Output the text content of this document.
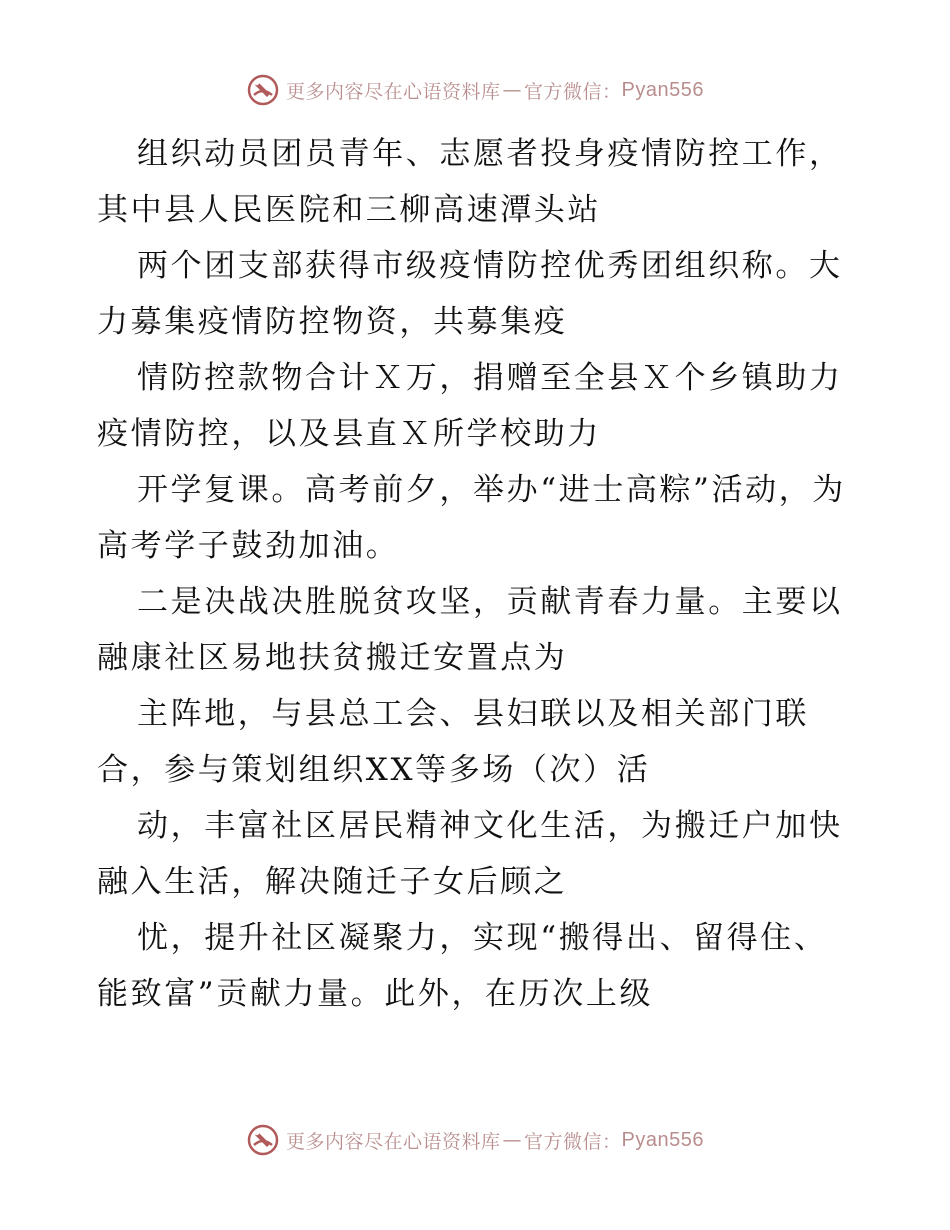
更多内容尽在心语资料库 — 官方微信： Pyan556

组织动员团员青年、志愿者投身疫情防控工作，其中县人民医院和三柳高速潭头站

两个团支部获得市级疫情防控优秀团组织称。大力募集疫情防控物资，共募集疫

情防控款物合计Ｘ万，捐赠至全县Ｘ个乡镇助力疫情防控，以及县直Ｘ所学校助力

开学复课。高考前夕，举办“进士高粽”活动，为高考学子鼓劲加油。

二是决战决胜脱贫攻坚，贡献青春力量。主要以融康社区易地扶贫搬迁安置点为

主阵地，与县总工会、县妇联以及相关部门联合，参与策划组织XX等多场（次）活

动，丰富社区居民精神文化生活，为搬迁户加快融入生活，解决随迁子女后顾之

忧，提升社区凝聚力，实现“搬得出、留得住、能致富”贡献力量。此外，在历次上级

更多内容尽在心语资料库 — 官方微信： Pyan556
